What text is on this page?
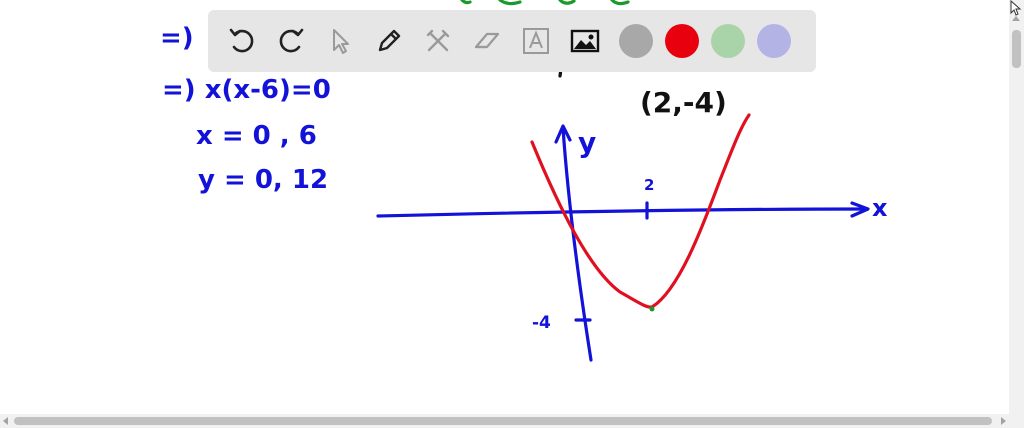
=)
=) x(x-6)=0
x = 0 , 6
y = 0, 12
(2,-4)
x
y
2
-4
